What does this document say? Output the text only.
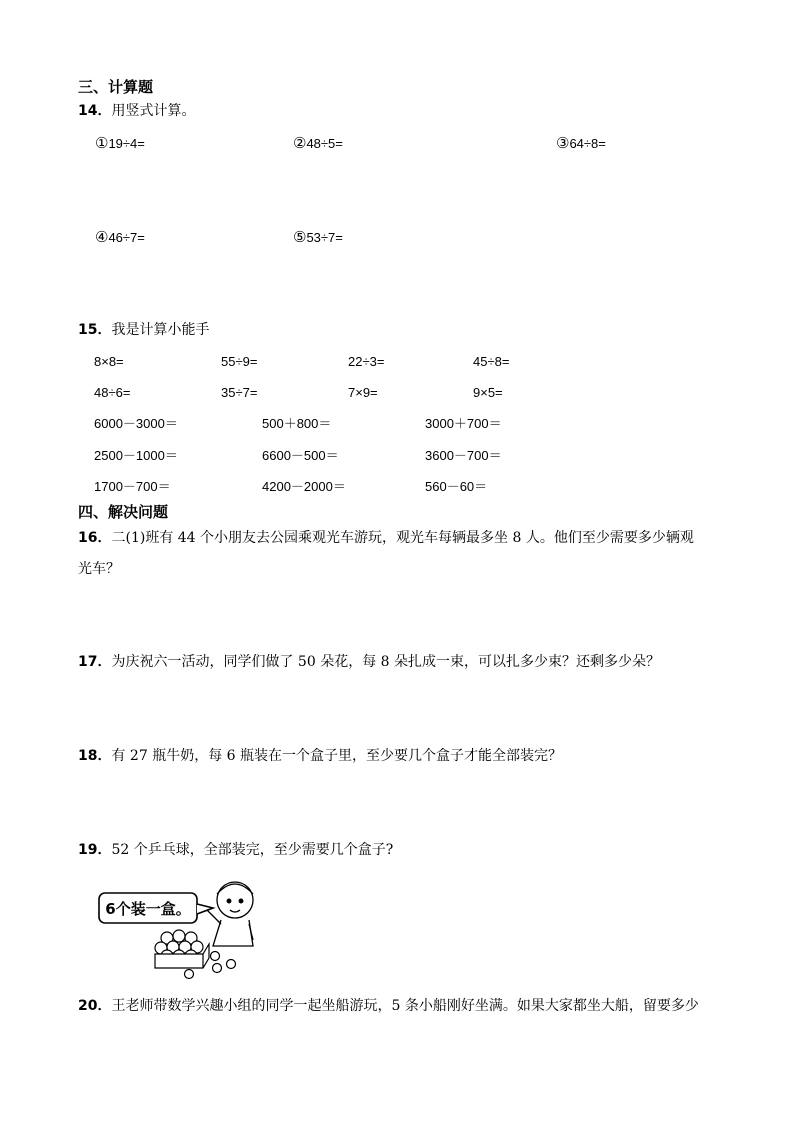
三、计算题
14．用竖式计算。
①19÷4=	②48÷5=	③64÷8=
④46÷7=	⑤53÷7=
15．我是计算小能手
8×8=	55÷9=	22÷3=	45÷8=
48÷6=	35÷7=	7×9=	9×5=
6000－3000＝	500＋800＝	3000＋700＝
2500－1000＝	6600－500＝	3600－700＝
1700－700＝	4200－2000＝	560－60＝
四、解决问题
16．二(1)班有 44 个小朋友去公园乘观光车游玩，观光车每辆最多坐 8 人。他们至少需要多少辆观
光车？
17．为庆祝六一活动，同学们做了 50 朵花，每 8 朵扎成一束，可以扎多少束？还剩多少朵？
18．有 27 瓶牛奶，每 6 瓶装在一个盒子里，至少要几个盒子才能全部装完？
19．52 个乒乓球，全部装完，至少需要几个盒子?
6个装一盒。
20．王老师带数学兴趣小组的同学一起坐船游玩，5 条小船刚好坐满。如果大家都坐大船，留要多少
